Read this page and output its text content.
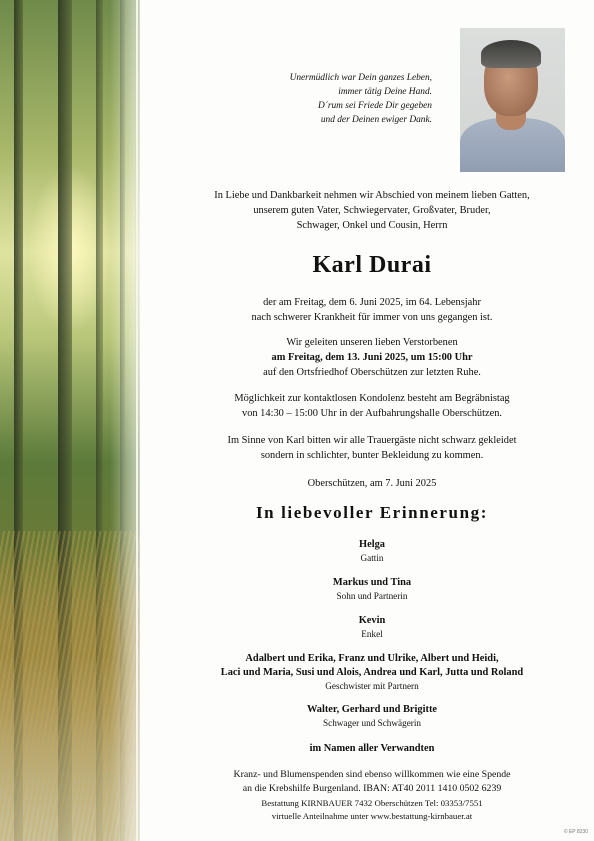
Unermüdlich war Dein ganzes Leben,
immer tätig Deine Hand.
D´rum sei Friede Dir gegeben
und der Deinen ewiger Dank.
In Liebe und Dankbarkeit nehmen wir Abschied von meinem lieben Gatten,
unserem guten Vater, Schwiegervater, Großvater, Bruder,
Schwager, Onkel und Cousin, Herrn
Karl Durai
der am Freitag, dem 6. Juni 2025, im 64. Lebensjahr
nach schwerer Krankheit für immer von uns gegangen ist.
Wir geleiten unseren lieben Verstorbenen
am Freitag, dem 13. Juni 2025, um 15:00 Uhr
auf den Ortsfriedhof Oberschützen zur letzten Ruhe.
Möglichkeit zur kontaktlosen Kondolenz besteht am Begräbnistag
von 14:30 – 15:00 Uhr in der Aufbahrungshalle Oberschützen.
Im Sinne von Karl bitten wir alle Trauergäste nicht schwarz gekleidet
sondern in schlichter, bunter Bekleidung zu kommen.
Oberschützen, am 7. Juni 2025
In liebevoller Erinnerung:
Helga
Gattin
Markus und Tina
Sohn und Partnerin
Kevin
Enkel
Adalbert und Erika, Franz und Ulrike, Albert und Heidi,
Laci und Maria, Susi und Alois, Andrea und Karl, Jutta und Roland
Geschwister mit Partnern
Walter, Gerhard und Brigitte
Schwager und Schwägerin
im Namen aller Verwandten
Kranz- und Blumenspenden sind ebenso willkommen wie eine Spende
an die Krebshilfe Burgenland. IBAN: AT40 2011 1410 0502 6239
Bestattung KIRNBAUER 7432 Oberschützen Tel: 03353/7551
virtuelle Anteilnahme unter www.bestattung-kirnbauer.at
© EP 8230
